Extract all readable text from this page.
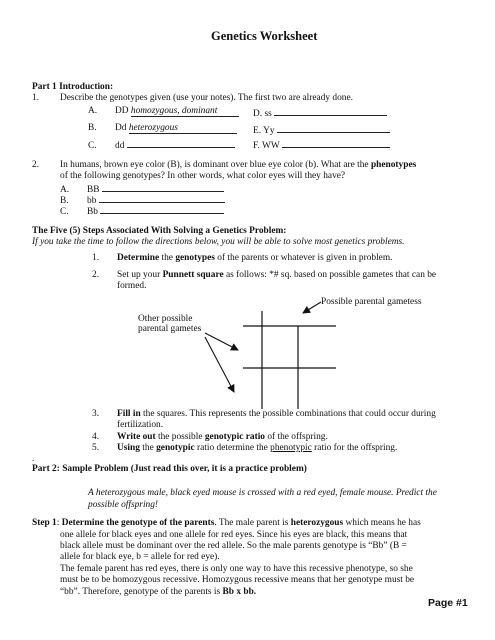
Genetics Worksheet
Part 1 Introduction:
1. Describe the genotypes given (use your notes). The first two are already done.
A. DD homozygous, dominant
B. Dd heterozygous
C. dd
D. ss
E. Yy
F. WW
2. In humans, brown eye color (B), is dominant over blue eye color (b). What are the phenotypes
of the following genotypes? In other words, what color eyes will they have?
A. BB
B. bb
C. Bb
The Five (5) Steps Associated With Solving a Genetics Problem:
If you take the time to follow the directions below, you will be able to solve most genetics problems.
1. Determine the genotypes of the parents or whatever is given in problem.
2. Set up your Punnett square as follows: *# sq. based on possible gametes that can be
formed.
Other possible
parental gametes
Possible parental gametess
3. Fill in the squares. This represents the possible combinations that could occur during
fertilization.
4. Write out the possible genotypic ratio of the offspring.
5. Using the genotypic ratio determine the phenotypic ratio for the offspring.
.
Part 2: Sample Problem (Just read this over, it is a practice problem)
A heterozygous male, black eyed mouse is crossed with a red eyed, female mouse. Predict the
possible offspring!
Step 1: Determine the genotype of the parents. The male parent is heterozygous which means he has
one allele for black eyes and one allele for red eyes. Since his eyes are black, this means that
black allele must be dominant over the red allele. So the male parents genotype is “Bb” (B =
allele for black eye, b = allele for red eye).
The female parent has red eyes, there is only one way to have this recessive phenotype, so she
must be to be homozygous recessive. Homozygous recessive means that her genotype must be
“bb”. Therefore, genotype of the parents is Bb x bb.
Page #1
